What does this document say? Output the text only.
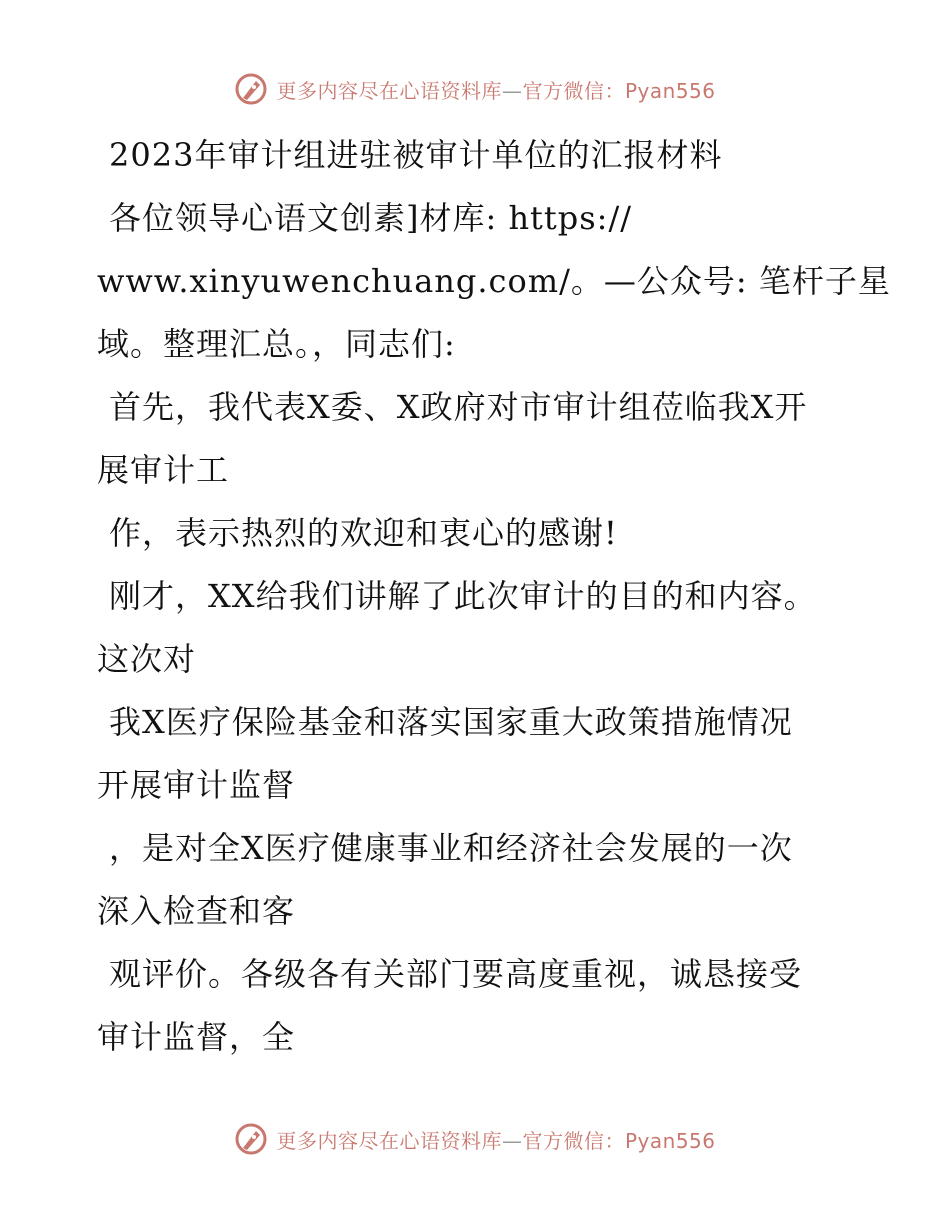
更多内容尽在心语资料库—官方微信：Pyan556

2023年审计组进驻被审计单位的汇报材料

各位领导心语文创素]材库: https://
www.xinyuwenchuang.com/。—公众号: 笔杆子星
域。整理汇总。，同志们:

首先，我代表X委、X政府对市审计组莅临我X开
展审计工

作，表示热烈的欢迎和衷心的感谢!

刚才，XX给我们讲解了此次审计的目的和内容。
这次对

我X医疗保险基金和落实国家重大政策措施情况
开展审计监督

，是对全X医疗健康事业和经济社会发展的一次
深入检查和客

观评价。各级各有关部门要高度重视，诚恳接受
审计监督，全

更多内容尽在心语资料库—官方微信：Pyan556
